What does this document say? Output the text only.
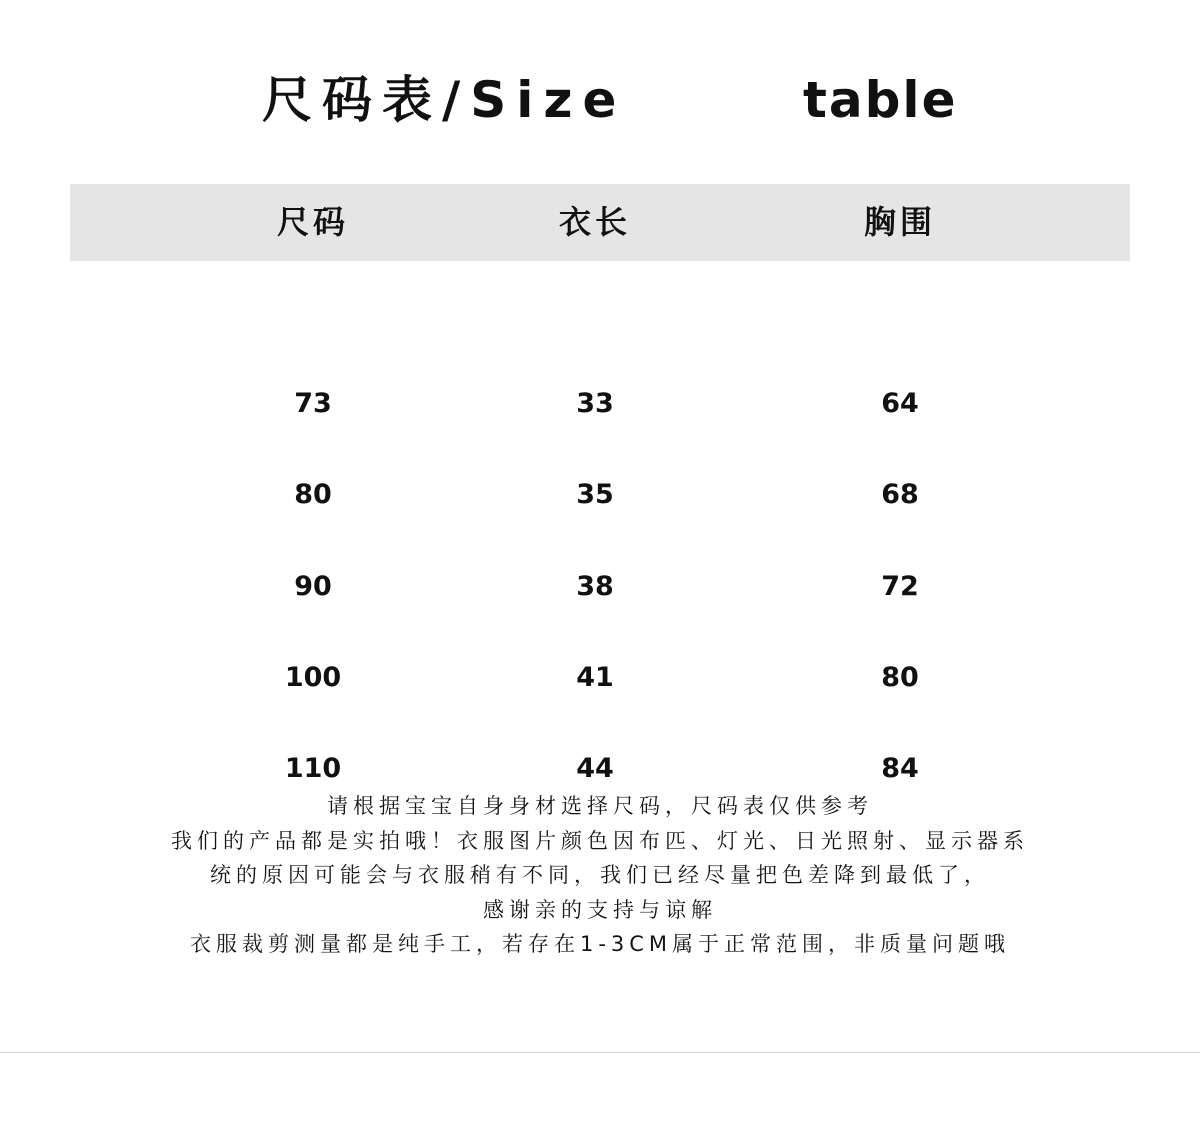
尺码表/Size	table
尺码	衣长	胸围
73	33	64
80	35	68
90	38	72
100	41	80
110	44	84
请根据宝宝自身身材选择尺码，尺码表仅供参考
我们的产品都是实拍哦！衣服图片颜色因布匹、灯光、日光照射、显示器系
统的原因可能会与衣服稍有不同，我们已经尽量把色差降到最低了，
感谢亲的支持与谅解
衣服裁剪测量都是纯手工，若存在1-3CM属于正常范围，非质量问题哦
